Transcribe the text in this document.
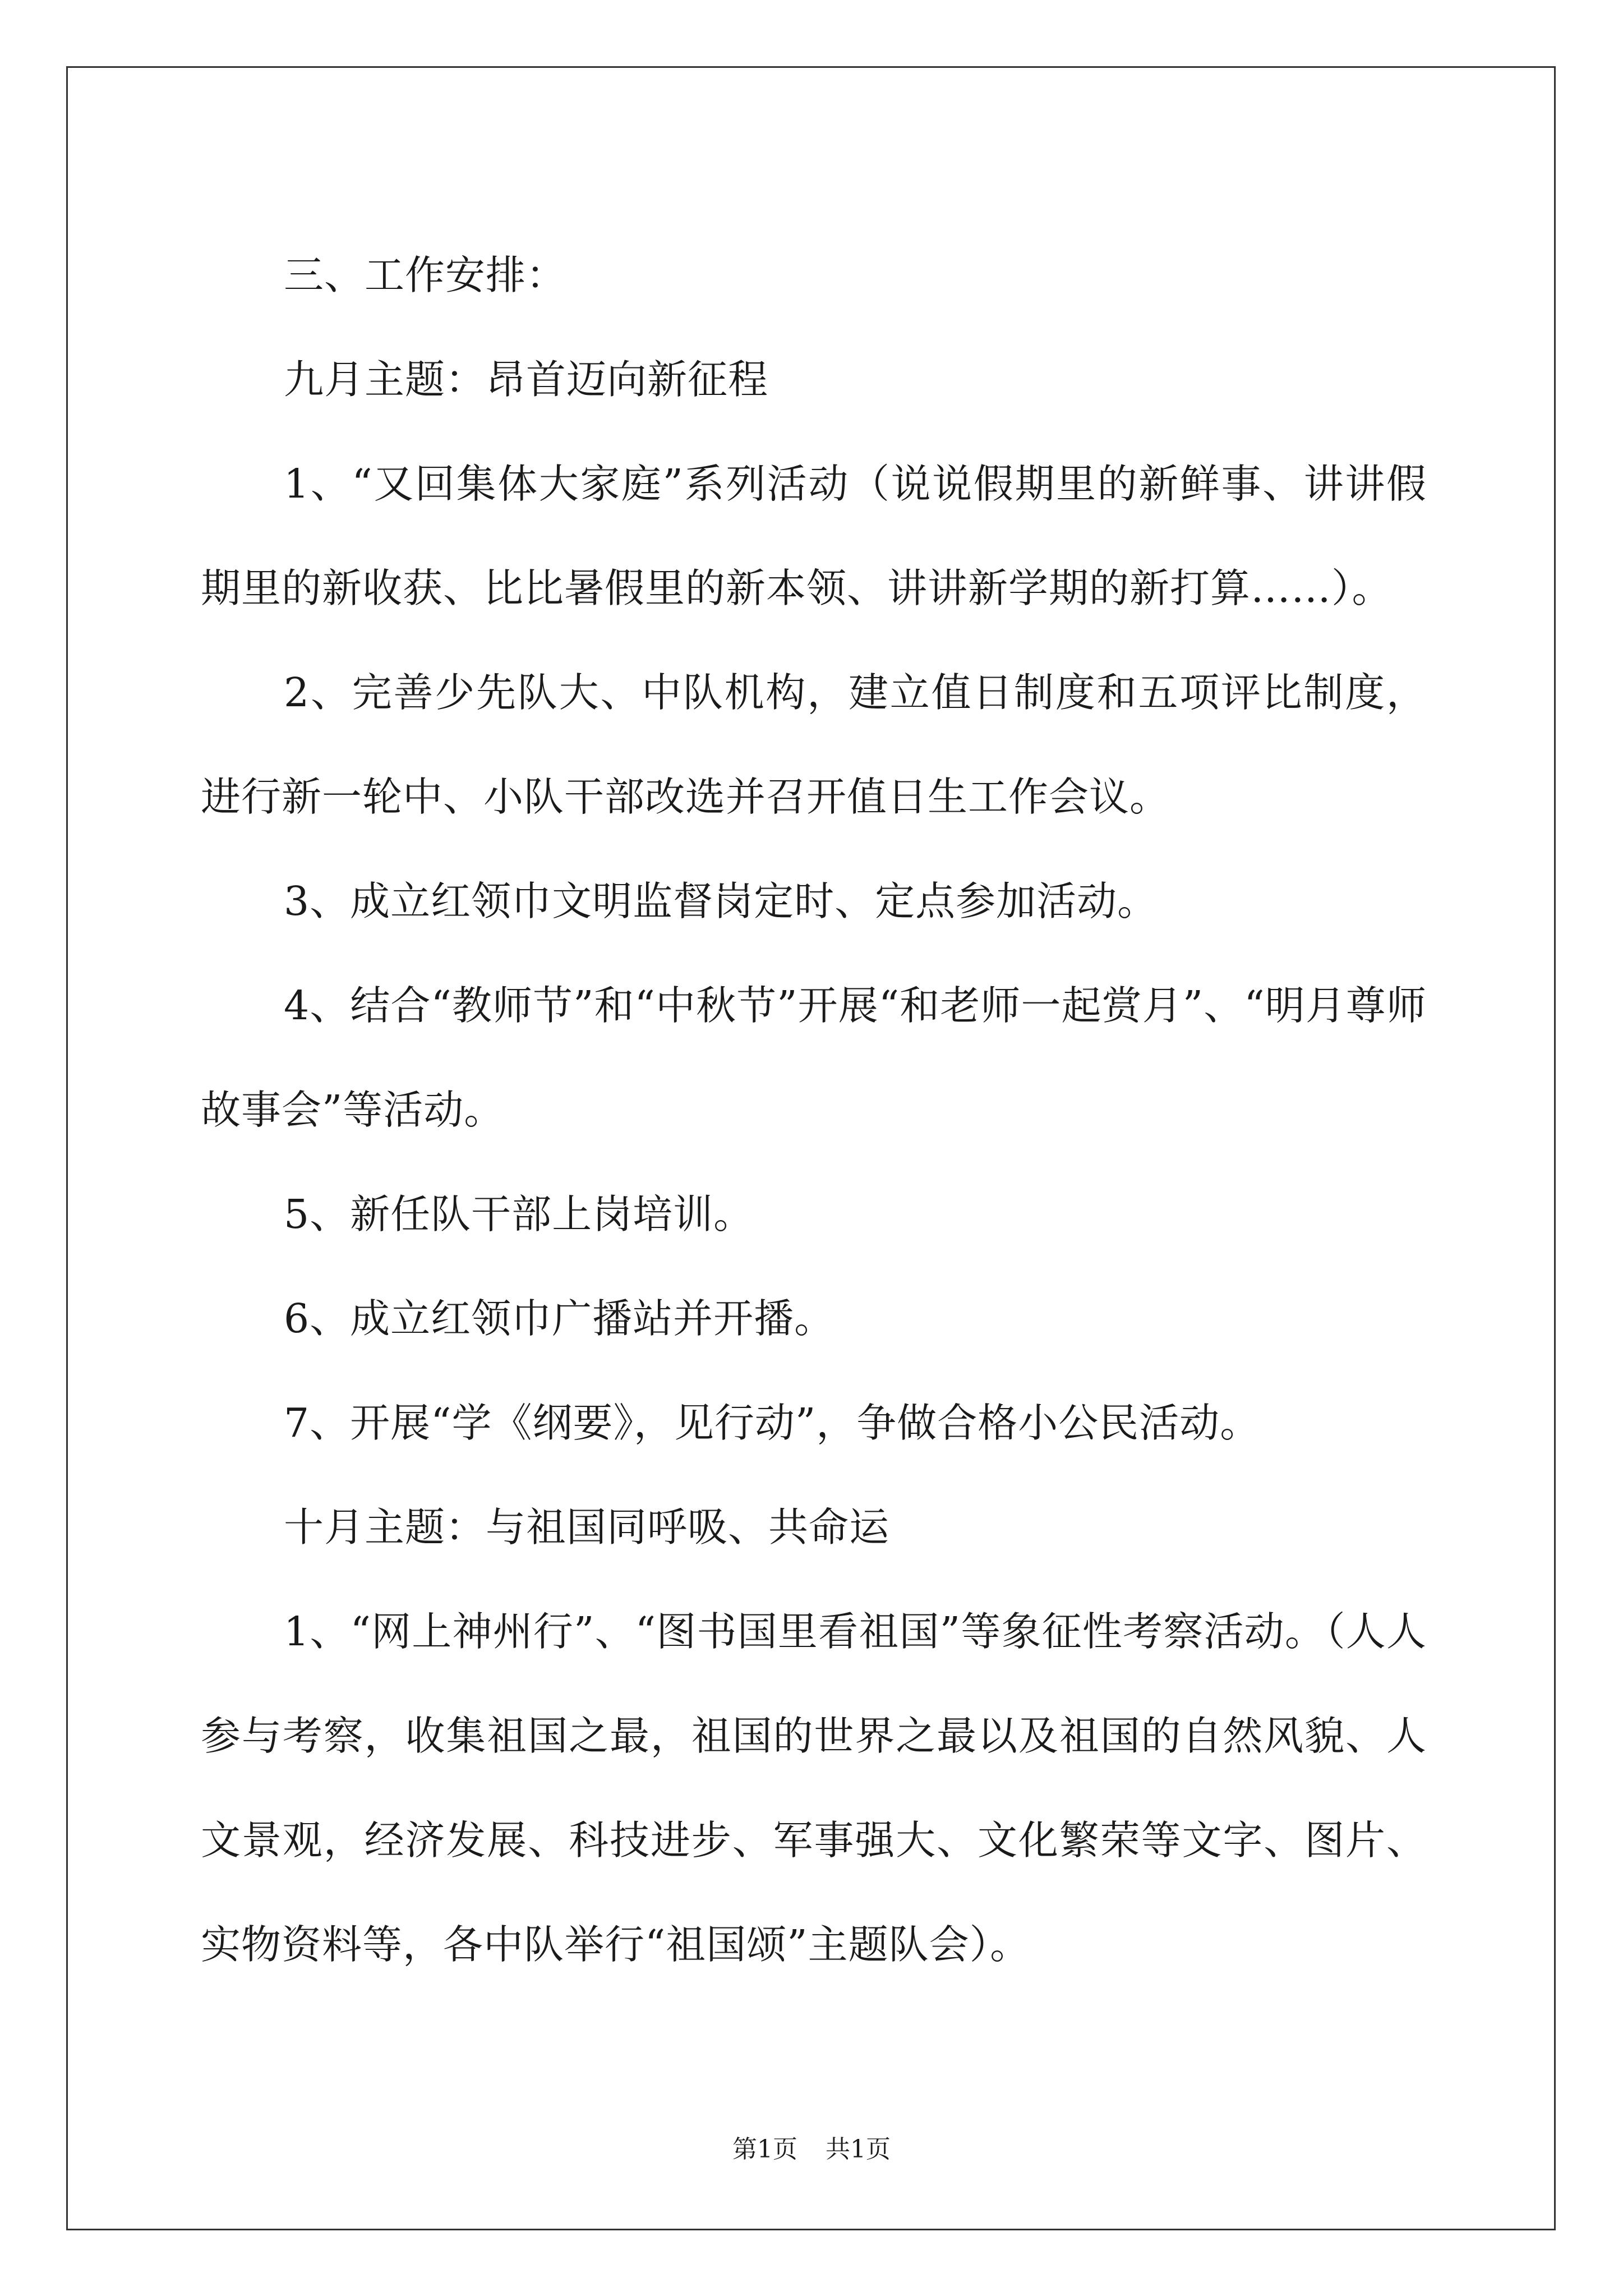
三、工作安排：

九月主题：昂首迈向新征程

1、“又回集体大家庭”系列活动（说说假期里的新鲜事、讲讲假期里的新收获、比比暑假里的新本领、讲讲新学期的新打算……）。

2、完善少先队大、中队机构，建立值日制度和五项评比制度，进行新一轮中、小队干部改选并召开值日生工作会议。

3、成立红领巾文明监督岗定时、定点参加活动。

4、结合“教师节”和“中秋节”开展“和老师一起赏月”、“明月尊师故事会”等活动。

5、新任队干部上岗培训。

6、成立红领巾广播站并开播。

7、开展“学《纲要》，见行动”，争做合格小公民活动。

十月主题：与祖国同呼吸、共命运

1、“网上神州行”、“图书国里看祖国”等象征性考察活动。（人人参与考察，收集祖国之最，祖国的世界之最以及祖国的自然风貌、人文景观，经济发展、科技进步、军事强大、文化繁荣等文字、图片、实物资料等，各中队举行“祖国颂”主题队会）。

第1页 共1页
